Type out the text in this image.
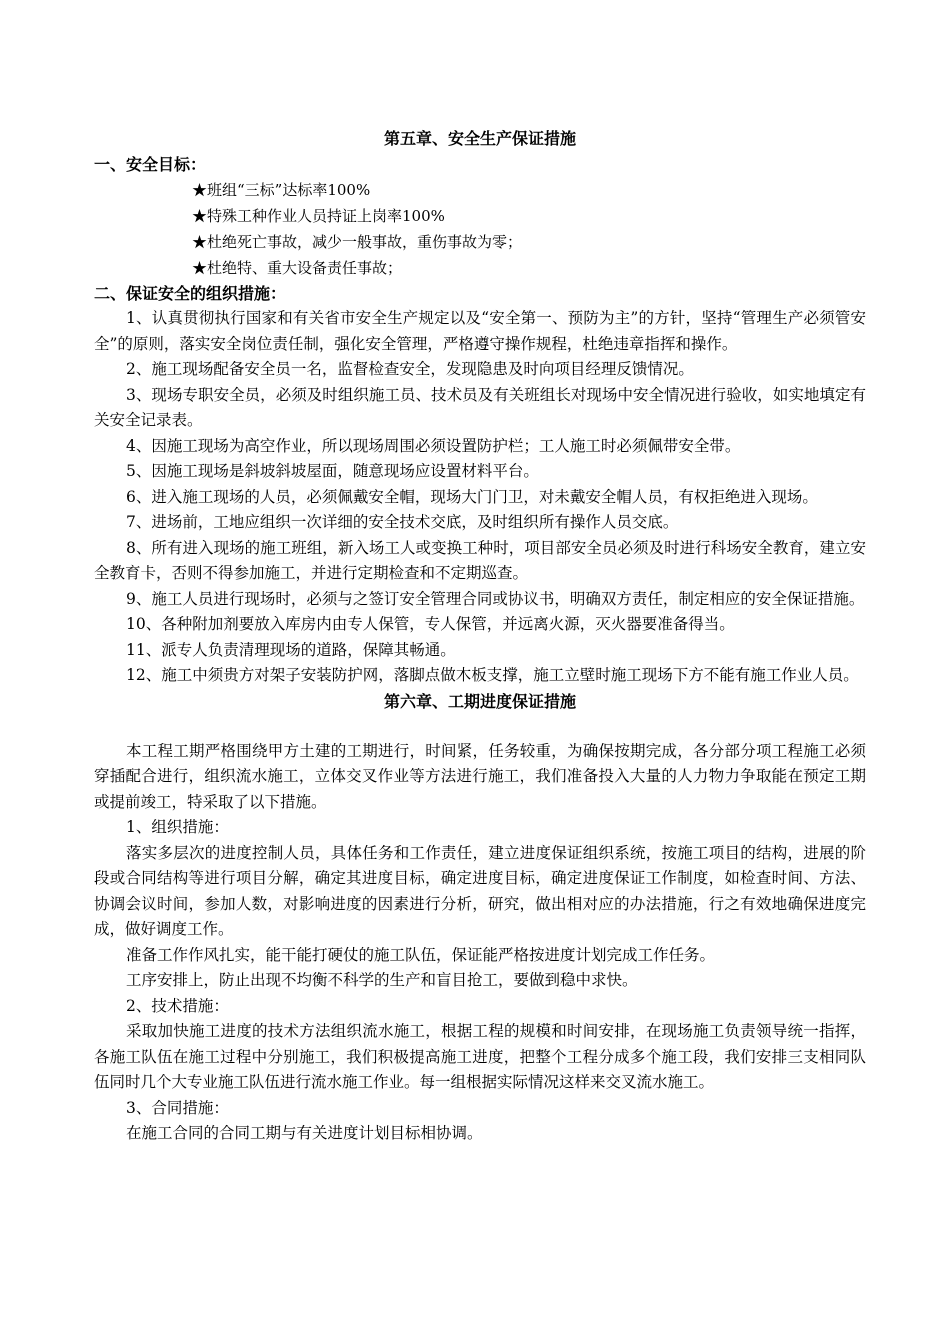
第五章、安全生产保证措施
一、安全目标：
★班组“三标”达标率100%
★特殊工种作业人员持证上岗率100%
★杜绝死亡事故，减少一般事故，重伤事故为零；
★杜绝特、重大设备责任事故；
二、保证安全的组织措施：

1、认真贯彻执行国家和有关省市安全生产规定以及“安全第一、预防为主”的方针，坚持“管理生产必须管安全”的原则，落实安全岗位责任制，强化安全管理，严格遵守操作规程，杜绝违章指挥和操作。

2、施工现场配备安全员一名，监督检查安全，发现隐患及时向项目经理反馈情况。

3、现场专职安全员，必须及时组织施工员、技术员及有关班组长对现场中安全情况进行验收，如实地填定有关安全记录表。

4、因施工现场为高空作业，所以现场周围必须设置防护栏；工人施工时必须佩带安全带。

5、因施工现场是斜坡斜坡屋面，随意现场应设置材料平台。

6、进入施工现场的人员，必须佩戴安全帽，现场大门门卫，对未戴安全帽人员，有权拒绝进入现场。

7、进场前，工地应组织一次详细的安全技术交底，及时组织所有操作人员交底。

8、所有进入现场的施工班组，新入场工人或变换工种时，项目部安全员必须及时进行科场安全教育，建立安全教育卡，否则不得参加施工，并进行定期检查和不定期巡查。

9、施工人员进行现场时，必须与之签订安全管理合同或协议书，明确双方责任，制定相应的安全保证措施。

10、各种附加剂要放入库房内由专人保管，专人保管，并远离火源，灭火器要准备得当。

11、派专人负责清理现场的道路，保障其畅通。

12、施工中须贵方对架子安装防护网，落脚点做木板支撑，施工立壁时施工现场下方不能有施工作业人员。

第六章、工期进度保证措施

本工程工期严格围绕甲方土建的工期进行，时间紧，任务较重，为确保按期完成，各分部分项工程施工必须穿插配合进行，组织流水施工，立体交叉作业等方法进行施工，我们准备投入大量的人力物力争取能在预定工期或提前竣工，特采取了以下措施。

1、组织措施：

落实多层次的进度控制人员，具体任务和工作责任，建立进度保证组织系统，按施工项目的结构，进展的阶段或合同结构等进行项目分解，确定其进度目标，确定进度目标，确定进度保证工作制度，如检查时间、方法、协调会议时间，参加人数，对影响进度的因素进行分析，研究，做出相对应的办法措施，行之有效地确保进度完成，做好调度工作。

准备工作作风扎实，能干能打硬仗的施工队伍，保证能严格按进度计划完成工作任务。

工序安排上，防止出现不均衡不科学的生产和盲目抢工，要做到稳中求快。

2、技术措施：

采取加快施工进度的技术方法组织流水施工，根据工程的规模和时间安排，在现场施工负责领导统一指挥，各施工队伍在施工过程中分别施工，我们积极提高施工进度，把整个工程分成多个施工段，我们安排三支相同队伍同时几个大专业施工队伍进行流水施工作业。每一组根据实际情况这样来交叉流水施工。

3、合同措施：

在施工合同的合同工期与有关进度计划目标相协调。
